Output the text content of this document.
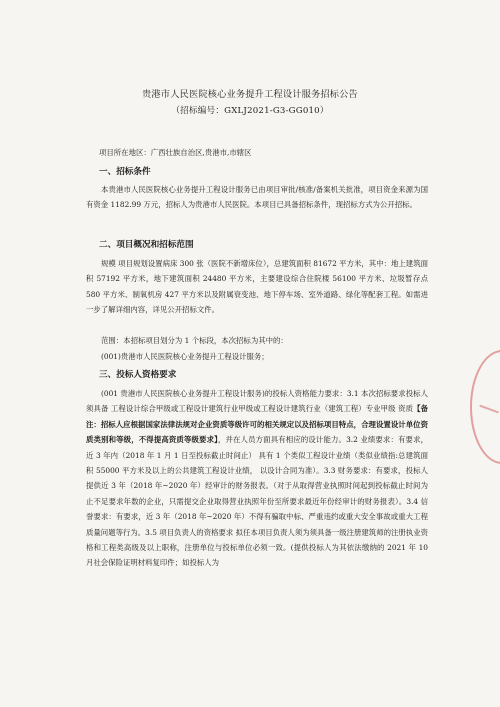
贵港市人民医院核心业务提升工程设计服务招标公告
（招标编号：GXLJ2021-G3-GG010）
项目所在地区：广西壮族自治区,贵港市,市辖区
一、招标条件
本贵港市人民医院核心业务提升工程设计服务已由项目审批/核准/备案机关批准，项目资金来源为国有资金 1182.99 万元，招标人为贵港市人民医院。本项目已具备招标条件，现招标方式为公开招标。
二、项目概况和招标范围
规模 项目规划设置病床 300 张（医院不新增床位），总建筑面积 81672 平方米，其中：地上建筑面积 57192 平方米，地下建筑面积 24480 平方米，主要建设综合住院楼 56100 平方米、垃圾暂存点 580 平方米、制氧机房 427 平方米以及附属衰变池、地下停车场、室外道路、绿化等配套工程。如需进一步了解详细内容，详见公开招标文件。
范围：本招标项目划分为 1 个标段，本次招标为其中的：
(001)贵港市人民医院核心业务提升工程设计服务；
三、投标人资格要求
(001 贵港市人民医院核心业务提升工程设计服务)的投标人资格能力要求：3.1 本次招标要求投标人须具备 工程设计综合甲级或工程设计建筑行业甲级或工程设计建筑行业（建筑工程）专业甲级 资质【备注：招标人应根据国家法律法规对企业资质等级许可的相关规定以及招标项目特点，合理设置设计单位资质类别和等级，不得提高资质等级要求】，并在人员方面具有相应的设计能力。3.2 业绩要求：有要求，近 3 年内（2018 年 1 月 1 日至投标截止时间止） 具有 1 个类似工程设计业绩（类似业绩指:总建筑面积 55000 平方米及以上的公共建筑工程设计业绩， 以设计合同为准）。3.3 财务要求：有要求，投标人提供近 3 年（2018 年~2020 年）经审计的财务报表。（对于从取得营业执照时间起到投标截止时间为止不足要求年数的企业，只需提交企业取得营业执照年份至所要求最近年份经审计的财务报表）。3.4 信誉要求：有要求，近 3 年（2018 年~2020 年）不得有骗取中标、严重违约或重大安全事故或重大工程质量问题等行为。3.5 项目负责人的资格要求 拟任本项目负责人须为须具备一级注册建筑师的注册执业资格和工程类高级及以上职称，注册单位与投标单位必须一致。(提供投标人为其依法缴纳的 2021 年 10 月社会保险证明材料复印件；如投标人为
